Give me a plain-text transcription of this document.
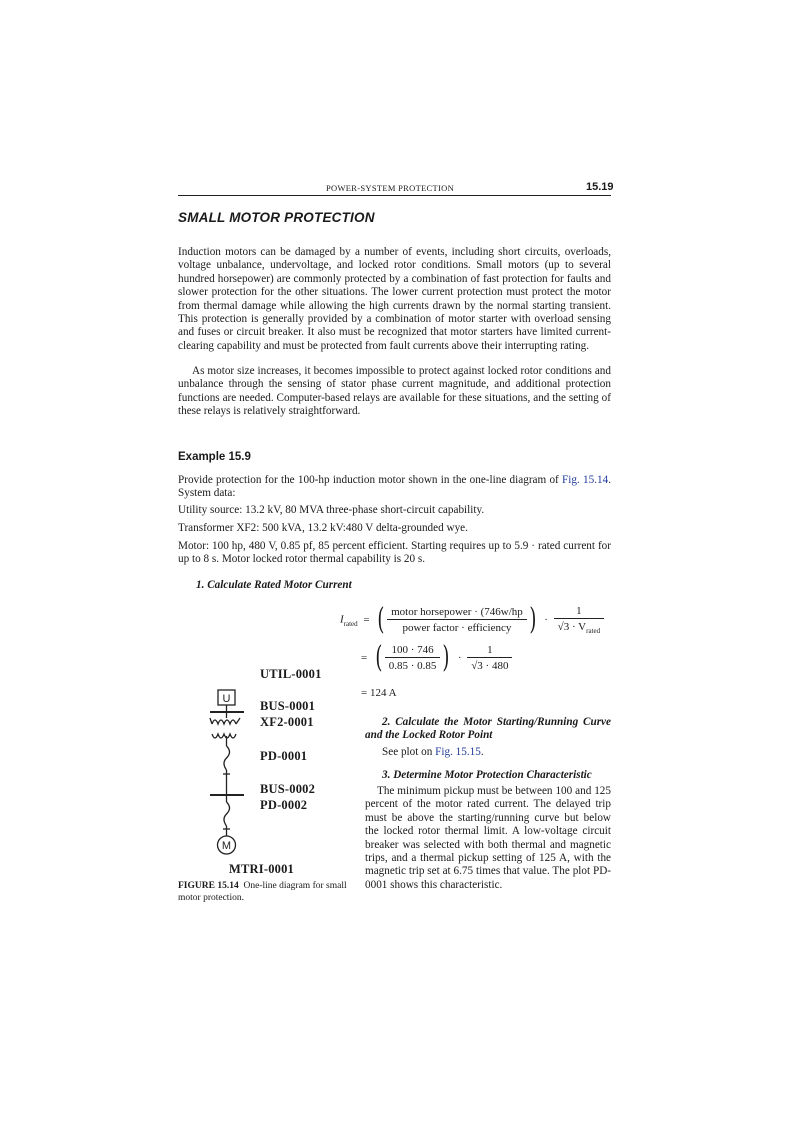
POWER-SYSTEM PROTECTION	15.19
SMALL MOTOR PROTECTION

Induction motors can be damaged by a number of events, including short circuits, overloads, voltage unbalance, undervoltage, and locked rotor conditions. Small motors (up to several hundred horsepower) are commonly protected by a combination of fast protection for faults and slower protection for the other situations. The lower current protection must protect the motor from thermal damage while allowing the high currents drawn by the normal starting transient. This protection is generally provided by a combination of motor starter with overload sensing and fuses or circuit breaker. It also must be recognized that motor starters have limited current-clearing capability and must be protected from fault currents above their interrupting rating.

As motor size increases, it becomes impossible to protect against locked rotor conditions and unbalance through the sensing of stator phase current magnitude, and additional protection functions are needed. Computer-based relays are available for these situations, and the setting of these relays is relatively straightforward.

Example 15.9

Provide protection for the 100-hp induction motor shown in the one-line diagram of Fig. 15.14. System data:

Utility source: 13.2 kV, 80 MVA three-phase short-circuit capability.

Transformer XF2: 500 kVA, 13.2 kV:480 V delta-grounded wye.

Motor: 100 hp, 480 V, 0.85 pf, 85 percent efficient. Starting requires up to 5.9 · rated current for up to 8 s. Motor locked rotor thermal capability is 20 s.

1. Calculate Rated Motor Current
$I_{rated}$ = ( $\frac{\text{motor horsepower · (746w/hp}}{\text{power factor · efficiency}}$ ) · $\frac{1}{√3 \cdot V_{rated}}$
= ( $\frac{100 \cdot 746}{0.85 \cdot 0.85}$ ) · $\frac{1}{√3 \cdot 480}$
= 124 A
U
M
UTIL-0001
BUS-0001
XF2-0001
PD-0001
BUS-0002
PD-0002
MTRI-0001
FIGURE 15.14 One-line diagram for small motor protection.

2. Calculate the Motor Starting/Running Curve and the Locked Rotor Point

See plot on Fig. 15.15.

3. Determine Motor Protection Characteristic

The minimum pickup must be between 100 and 125 percent of the motor rated current. The delayed trip must be above the starting/running curve but below the locked rotor thermal limit. A low-voltage circuit breaker was selected with both thermal and magnetic trips, and a thermal pickup setting of 125 A, with the magnetic trip set at 6.75 times that value. The plot PD-0001 shows this characteristic.
